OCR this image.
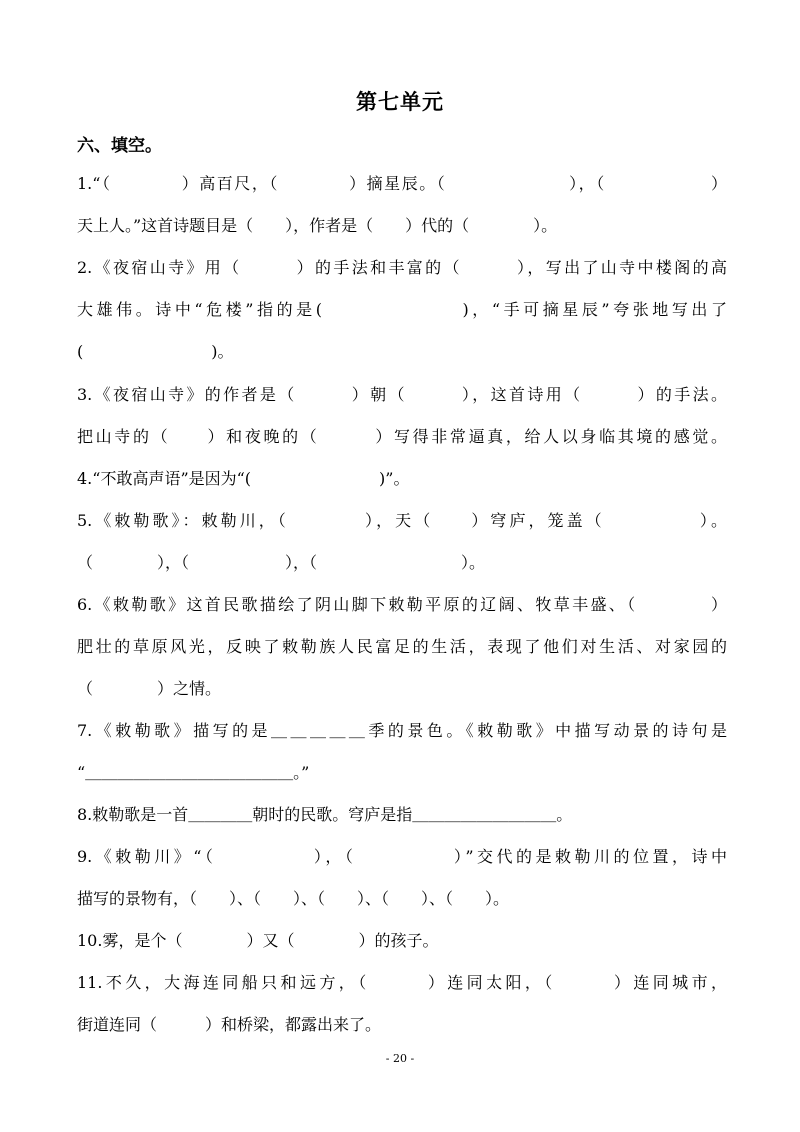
第七单元
六、填空。
1.“（　　　　）高百尺，（　　　　）摘星辰。（　　　　　　　），（　　　　　　）
天上人。”这首诗题目是（　　），作者是（　　）代的（　　　　）。
2.《夜宿山寺》用（　　　）的手法和丰富的（　　　），写出了山寺中楼阁的高
大雄伟。诗中“危楼”指的是(　　　　　　　)，“手可摘星辰”夸张地写出了
(　　　　　　　　)。
3.《夜宿山寺》的作者是（　　　）朝（　　　），这首诗用（　　　）的手法。
把山寺的（　　）和夜晚的（　　　）写得非常逼真，给人以身临其境的感觉。
4.“不敢高声语”是因为“(　　　　　　　　)”。
5.《敕勒歌》：敕勒川，（　　　　），天（　　）穹庐，笼盖（　　　　　）。
（　　　　），（　　　　　　），（　　　　　　　　　）。
6.《敕勒歌》这首民歌描绘了阴山脚下敕勒平原的辽阔、牧草丰盛、（　　　　）
肥壮的草原风光，反映了敕勒族人民富足的生活，表现了他们对生活、对家园的
（　　　　）之情。
7.《敕勒歌》描写的是＿＿＿＿＿季的景色。《敕勒歌》中描写动景的诗句是
“＿＿＿＿＿＿＿＿＿＿＿＿＿。”
8.敕勒歌是一首＿＿＿＿朝时的民歌。穹庐是指＿＿＿＿＿＿＿＿＿。
9.《敕勒川》“（　　　　　），（　　　　　）”交代的是敕勒川的位置，诗中
描写的景物有，（　　）、（　　）、（　　）、（　　）、（　　）。
10.雾，是个（　　　　）又（　　　　）的孩子。
11.不久，大海连同船只和远方，（　　　）连同太阳，（　　　）连同城市，
街道连同（　　　）和桥梁，都露出来了。
- 20 -
